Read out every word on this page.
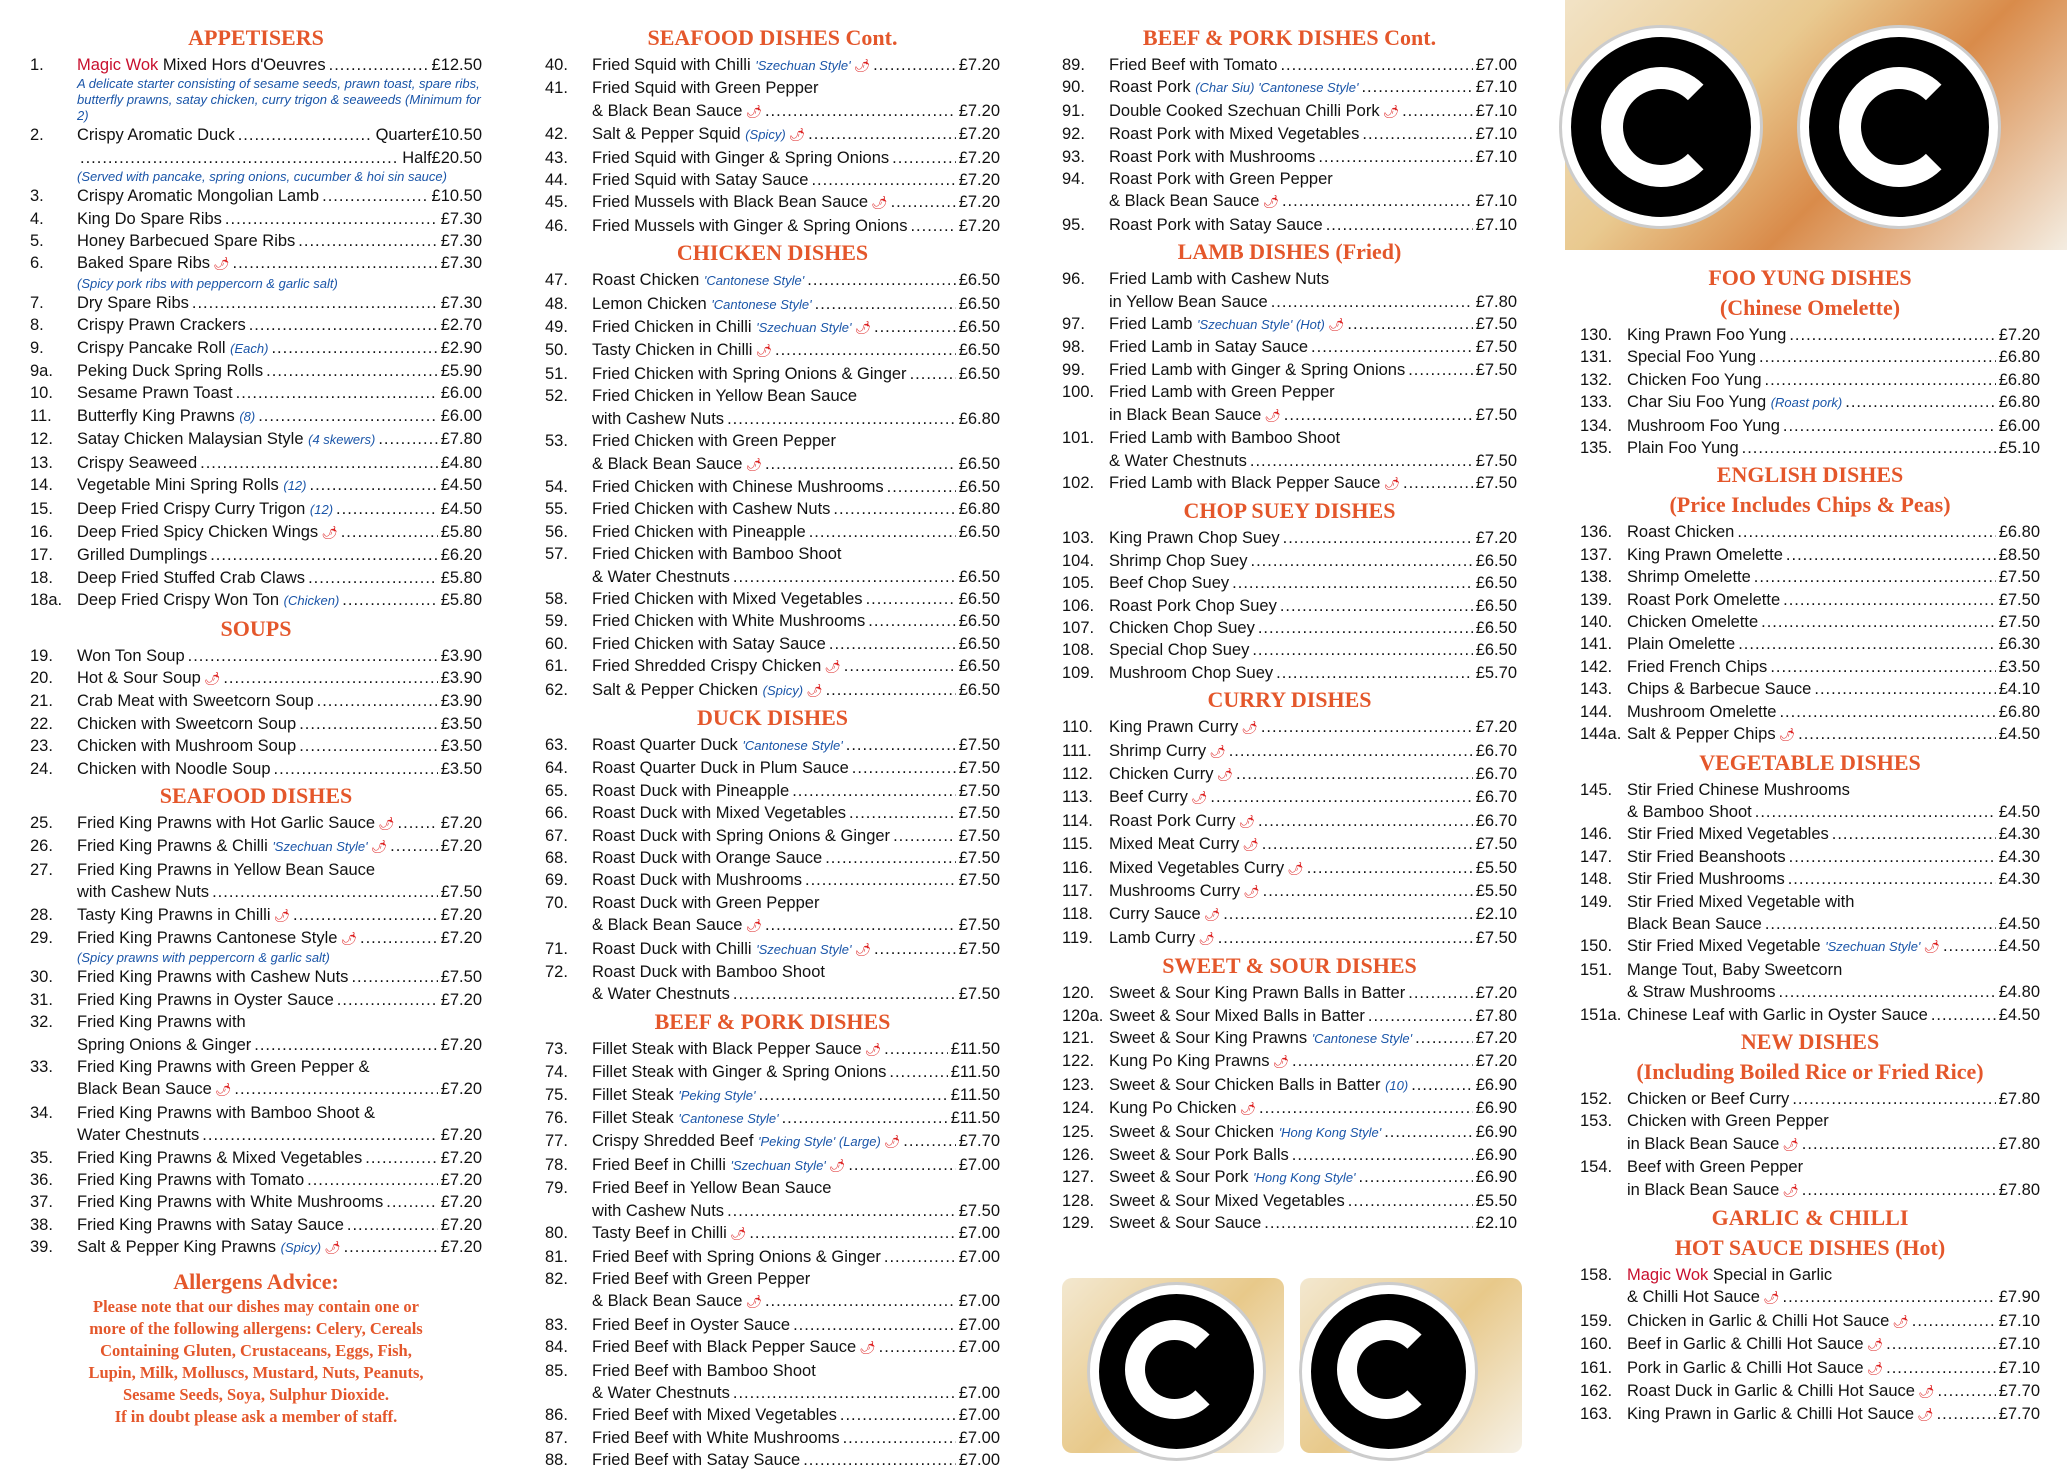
APPETISERS
1.	Magic Wok Mixed Hors d'Oeuvres .....	£12.50
A delicate starter consisting of sesame seeds, prawn toast, spare ribs, butterfly prawns, satay chicken, curry trigon & seaweeds (Minimum for 2)
2.	Crispy Aromatic Duck .....	Quarter £10.50
.....
Half £20.50
(Served with pancake, spring onions, cucumber & hoi sin sauce)
3.	Crispy Aromatic Mongolian Lamb .....	£10.50
4.	King Do Spare Ribs .....	£7.30
5.	Honey Barbecued Spare Ribs .....	£7.30
6.	Baked Spare Ribs 🌶 .....	£7.30
(Spicy pork ribs with peppercorn & garlic salt)
7.	Dry Spare Ribs .....	£7.30
8.	Crispy Prawn Crackers .....	£2.70
9.	Crispy Pancake Roll (Each) .....	£2.90
9a.	Peking Duck Spring Rolls .....	£5.90
10.	Sesame Prawn Toast .....	£6.00
11.	Butterfly King Prawns (8) .....	£6.00
12.	Satay Chicken Malaysian Style (4 skewers) .....	£7.80
13.	Crispy Seaweed .....	£4.80
14.	Vegetable Mini Spring Rolls (12) .....	£4.50
15.	Deep Fried Crispy Curry Trigon (12) .....	£4.50
16.	Deep Fried Spicy Chicken Wings 🌶 .....	£5.80
17.	Grilled Dumplings .....	£6.20
18.	Deep Fried Stuffed Crab Claws .....	£5.80
18a. Deep Fried Crispy Won Ton (Chicken) .....	£5.80
SOUPS
19.	Won Ton Soup .....	£3.90
20.	Hot & Sour Soup 🌶 .....	£3.90
21.	Crab Meat with Sweetcorn Soup .....	£3.90
22.	Chicken with Sweetcorn Soup .....	£3.50
23.	Chicken with Mushroom Soup .....	£3.50
24.	Chicken with Noodle Soup .....	£3.50
SEAFOOD DISHES
25.	Fried King Prawns with Hot Garlic Sauce 🌶 .....	£7.20
26.	Fried King Prawns & Chilli 'Szechuan Style' 🌶 .....	£7.20
27.	Fried King Prawns in Yellow Bean Sauce
with Cashew Nuts .....	£7.50
28.	Tasty King Prawns in Chilli 🌶 .....	£7.20
29.	Fried King Prawns Cantonese Style 🌶 .....	£7.20
(Spicy prawns with peppercorn & garlic salt)
30.	Fried King Prawns with Cashew Nuts .....	£7.50
31.	Fried King Prawns in Oyster Sauce .....	£7.20
32.	Fried King Prawns with
Spring Onions & Ginger .....	£7.20
33.	Fried King Prawns with Green Pepper &
Black Bean Sauce 🌶 .....	£7.20
34.	Fried King Prawns with Bamboo Shoot &
Water Chestnuts .....	£7.20
35.	Fried King Prawns & Mixed Vegetables .....	£7.20
36.	Fried King Prawns with Tomato .....	£7.20
37.	Fried King Prawns with White Mushrooms .....	£7.20
38.	Fried King Prawns with Satay Sauce .....	£7.20
39.	Salt & Pepper King Prawns (Spicy) 🌶 .....	£7.20
Allergens Advice:
Please note that our dishes may contain one or
more of the following allergens: Celery, Cereals
Containing Gluten, Crustaceans, Eggs, Fish,
Lupin, Milk, Molluscs, Mustard, Nuts, Peanuts,
Sesame Seeds, Soya, Sulphur Dioxide.
If in doubt please ask a member of staff.
SEAFOOD DISHES Cont.
40.	Fried Squid with Chilli 'Szechuan Style' 🌶 .....	£7.20
41.	Fried Squid with Green Pepper
& Black Bean Sauce 🌶 .....	£7.20
42.	Salt & Pepper Squid (Spicy) 🌶 .....	£7.20
43.	Fried Squid with Ginger & Spring Onions .....	£7.20
44.	Fried Squid with Satay Sauce .....	£7.20
45.	Fried Mussels with Black Bean Sauce 🌶 .....	£7.20
46.	Fried Mussels with Ginger & Spring Onions .....	£7.20
CHICKEN DISHES
47.	Roast Chicken 'Cantonese Style' .....	£6.50
48.	Lemon Chicken 'Cantonese Style' .....	£6.50
49.	Fried Chicken in Chilli 'Szechuan Style' 🌶 .....	£6.50
50.	Tasty Chicken in Chilli 🌶 .....	£6.50
51.	Fried Chicken with Spring Onions & Ginger .....	£6.50
52.	Fried Chicken in Yellow Bean Sauce
with Cashew Nuts .....	£6.80
53.	Fried Chicken with Green Pepper
& Black Bean Sauce 🌶 .....	£6.50
54.	Fried Chicken with Chinese Mushrooms .....	£6.50
55.	Fried Chicken with Cashew Nuts .....	£6.80
56.	Fried Chicken with Pineapple .....	£6.50
57.	Fried Chicken with Bamboo Shoot
& Water Chestnuts .....	£6.50
58.	Fried Chicken with Mixed Vegetables .....	£6.50
59.	Fried Chicken with White Mushrooms .....	£6.50
60.	Fried Chicken with Satay Sauce .....	£6.50
61.	Fried Shredded Crispy Chicken 🌶 .....	£6.50
62.	Salt & Pepper Chicken (Spicy) 🌶 .....	£6.50
DUCK DISHES
63.	Roast Quarter Duck 'Cantonese Style' .....	£7.50
64.	Roast Quarter Duck in Plum Sauce .....	£7.50
65.	Roast Duck with Pineapple .....	£7.50
66.	Roast Duck with Mixed Vegetables .....	£7.50
67.	Roast Duck with Spring Onions & Ginger .....	£7.50
68.	Roast Duck with Orange Sauce .....	£7.50
69.	Roast Duck with Mushrooms .....	£7.50
70.	Roast Duck with Green Pepper
& Black Bean Sauce 🌶 .....	£7.50
71.	Roast Duck with Chilli 'Szechuan Style' 🌶 .....	£7.50
72.	Roast Duck with Bamboo Shoot
& Water Chestnuts .....	£7.50
BEEF & PORK DISHES
73.	Fillet Steak with Black Pepper Sauce 🌶 .....	£11.50
74.	Fillet Steak with Ginger & Spring Onions .....	£11.50
75.	Fillet Steak 'Peking Style' .....	£11.50
76.	Fillet Steak 'Cantonese Style' .....	£11.50
77.	Crispy Shredded Beef 'Peking Style' (Large) 🌶 .....	£7.70
78.	Fried Beef in Chilli 'Szechuan Style' 🌶 .....	£7.00
79.	Fried Beef in Yellow Bean Sauce
with Cashew Nuts .....	£7.50
80.	Tasty Beef in Chilli 🌶 .....	£7.00
81.	Fried Beef with Spring Onions & Ginger .....	£7.00
82.	Fried Beef with Green Pepper
& Black Bean Sauce 🌶 .....	£7.00
83.	Fried Beef in Oyster Sauce .....	£7.00
84.	Fried Beef with Black Pepper Sauce 🌶 .....	£7.00
85.	Fried Beef with Bamboo Shoot
& Water Chestnuts .....	£7.00
86.	Fried Beef with Mixed Vegetables .....	£7.00
87.	Fried Beef with White Mushrooms .....	£7.00
88.	Fried Beef with Satay Sauce .....	£7.00
BEEF & PORK DISHES Cont.
89.	Fried Beef with Tomato .....	£7.00
90.	Roast Pork (Char Siu) 'Cantonese Style' .....	£7.10
91.	Double Cooked Szechuan Chilli Pork 🌶 .....	£7.10
92.	Roast Pork with Mixed Vegetables .....	£7.10
93.	Roast Pork with Mushrooms .....	£7.10
94.	Roast Pork with Green Pepper
& Black Bean Sauce 🌶 .....	£7.10
95.	Roast Pork with Satay Sauce .....	£7.10
LAMB DISHES (Fried)
96.	Fried Lamb with Cashew Nuts
in Yellow Bean Sauce .....	£7.80
97.	Fried Lamb 'Szechuan Style' (Hot) 🌶 .....	£7.50
98.	Fried Lamb in Satay Sauce .....	£7.50
99.	Fried Lamb with Ginger & Spring Onions .....	£7.50
100. Fried Lamb with Green Pepper
in Black Bean Sauce 🌶 .....	£7.50
101. Fried Lamb with Bamboo Shoot
& Water Chestnuts .....	£7.50
102. Fried Lamb with Black Pepper Sauce 🌶 .....	£7.50
CHOP SUEY DISHES
103. King Prawn Chop Suey .....	£7.20
104. Shrimp Chop Suey .....	£6.50
105. Beef Chop Suey .....	£6.50
106. Roast Pork Chop Suey .....	£6.50
107. Chicken Chop Suey .....	£6.50
108. Special Chop Suey .....	£6.50
109. Mushroom Chop Suey .....	£5.70
CURRY DISHES
110. King Prawn Curry 🌶 .....	£7.20
111.	Shrimp Curry 🌶 .....	£6.70
112. Chicken Curry 🌶 .....	£6.70
113. Beef Curry 🌶 .....	£6.70
114. Roast Pork Curry 🌶 .....	£6.70
115. Mixed Meat Curry 🌶 .....	£7.50
116. Mixed Vegetables Curry 🌶 .....	£5.50
117. Mushrooms Curry 🌶 .....	£5.50
118. Curry Sauce 🌶 .....	£2.10
119. Lamb Curry 🌶 .....	£7.50
SWEET & SOUR DISHES
120. Sweet & Sour King Prawn Balls in Batter .....	£7.20
120a. Sweet & Sour Mixed Balls in Batter .....	£7.80
121. Sweet & Sour King Prawns 'Cantonese Style' .....	£7.20
122. Kung Po King Prawns 🌶 .....	£7.20
123. Sweet & Sour Chicken Balls in Batter (10) .....	£6.90
124. Kung Po Chicken 🌶 .....	£6.90
125. Sweet & Sour Chicken 'Hong Kong Style' .....	£6.90
126. Sweet & Sour Pork Balls .....	£6.90
127. Sweet & Sour Pork 'Hong Kong Style' .....	£6.90
128. Sweet & Sour Mixed Vegetables .....	£5.50
129. Sweet & Sour Sauce .....	£2.10
FOO YUNG DISHES
(Chinese Omelette)
130. King Prawn Foo Yung .....	£7.20
131. Special Foo Yung .....	£6.80
132. Chicken Foo Yung .....	£6.80
133. Char Siu Foo Yung (Roast pork) .....	£6.80
134. Mushroom Foo Yung .....	£6.00
135. Plain Foo Yung .....	£5.10
ENGLISH DISHES
(Price Includes Chips & Peas)
136. Roast Chicken .....	£6.80
137. King Prawn Omelette .....	£8.50
138. Shrimp Omelette .....	£7.50
139. Roast Pork Omelette .....	£7.50
140. Chicken Omelette .....	£7.50
141. Plain Omelette .....	£6.30
142. Fried French Chips .....	£3.50
143. Chips & Barbecue Sauce .....	£4.10
144. Mushroom Omelette .....	£6.80
144a. Salt & Pepper Chips 🌶 .....	£4.50
VEGETABLE DISHES
145. Stir Fried Chinese Mushrooms
& Bamboo Shoot .....	£4.50
146. Stir Fried Mixed Vegetables .....	£4.30
147. Stir Fried Beanshoots .....	£4.30
148. Stir Fried Mushrooms .....	£4.30
149. Stir Fried Mixed Vegetable with
Black Bean Sauce .....	£4.50
150. Stir Fried Mixed Vegetable 'Szechuan Style' 🌶 .....	£4.50
151. Mange Tout, Baby Sweetcorn
& Straw Mushrooms .....	£4.80
151a. Chinese Leaf with Garlic in Oyster Sauce .....	£4.50
NEW DISHES
(Including Boiled Rice or Fried Rice)
152. Chicken or Beef Curry .....	£7.80
153. Chicken with Green Pepper
in Black Bean Sauce 🌶 .....	£7.80
154. Beef with Green Pepper
in Black Bean Sauce 🌶 .....	£7.80
GARLIC & CHILLI
HOT SAUCE DISHES (Hot)
158. Magic Wok Special in Garlic
& Chilli Hot Sauce 🌶 .....	£7.90
159. Chicken in Garlic & Chilli Hot Sauce 🌶 .....	£7.10
160. Beef in Garlic & Chilli Hot Sauce 🌶 .....	£7.10
161. Pork in Garlic & Chilli Hot Sauce 🌶 .....	£7.10
162. Roast Duck in Garlic & Chilli Hot Sauce 🌶 .....	£7.70
163. King Prawn in Garlic & Chilli Hot Sauce 🌶 .....	£7.70
